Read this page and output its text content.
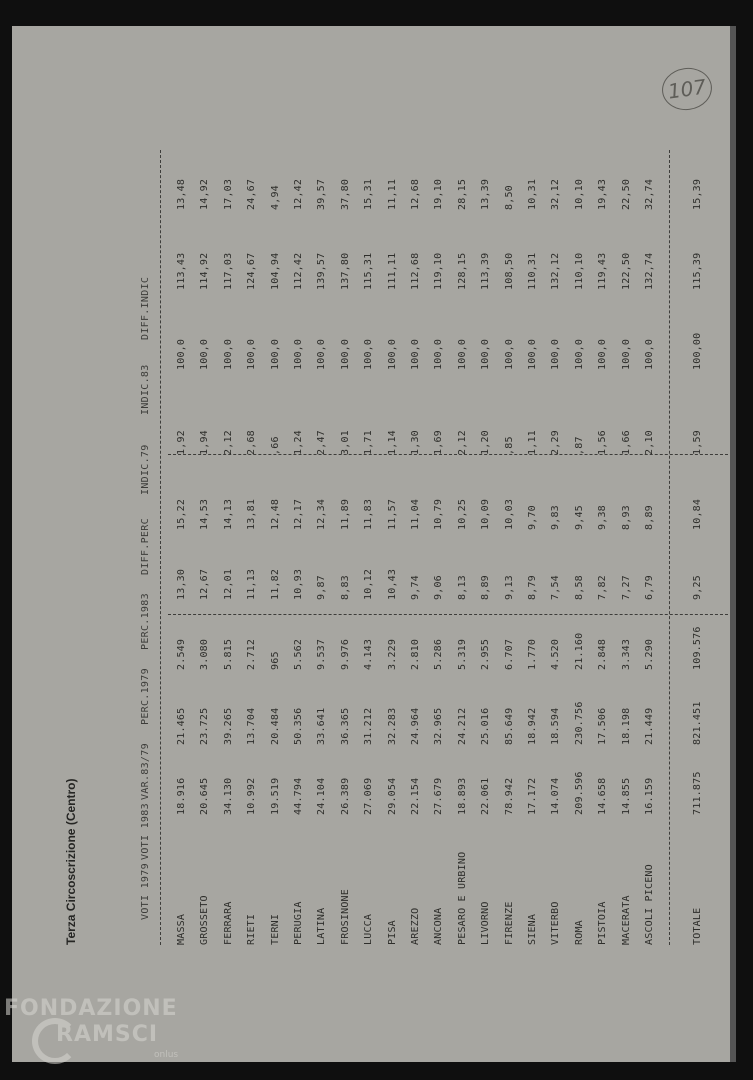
107
Terza Circoscrizione (Centro)	VOTI 1979
VOTI 1983
VAR.83/79
PERC.1979
PERC.1983
DIFF.PERC
INDIC.79
INDIC.83
DIFF.INDIC
MASSA
18.916
21.465
2.549
13,30
15,22
1,92
100,0
113,43
13,48
GROSSETO
20.645
23.725
3.080
12,67
14,53
1,94
100,0
114,92
14,92
FERRARA
34.130
39.265
5.815
12,01
14,13
2,12
100,0
117,03
17,03
RIETI
10.992
13.704
2.712
11,13
13,81
2,68
100,0
124,67
24,67
TERNI
19.519
20.484
965
11,82
12,48
,66
100,0
104,94
4,94
PERUGIA
44.794
50.356
5.562
10,93
12,17
1,24
100,0
112,42
12,42
LATINA
24.104
33.641
9.537
9,87
12,34
2,47
100,0
139,57
39,57
FROSINONE
26.389
36.365
9.976
8,83
11,89
3,01
100,0
137,80
37,80
LUCCA
27.069
31.212
4.143
10,12
11,83
1,71
100,0
115,31
15,31
PISA
29.054
32.283
3.229
10,43
11,57
1,14
100,0
111,11
11,11
AREZZO
22.154
24.964
2.810
9,74
11,04
1,30
100,0
112,68
12,68
ANCONA
27.679
32.965
5.286
9,06
10,79
1,69
100,0
119,10
19,10
PESARO E URBINO
18.893
24.212
5.319
8,13
10,25
2,12
100,0
128,15
28,15
LIVORNO
22.061
25.016
2.955
8,89
10,09
1,20
100,0
113,39
13,39
FIRENZE
78.942
85.649
6.707
9,13
10,03
,85
100,0
108,50
8,50
SIENA
17.172
18.942
1.770
8,79
9,70
1,11
100,0
110,31
10,31
VITERBO
14.074
18.594
4.520
7,54
9,83
2,29
100,0
132,12
32,12
ROMA
209.596
230.756
21.160
8,58
9,45
,87
100,0
110,10
10,10
PISTOIA
14.658
17.506
2.848
7,82
9,38
1,56
100,0
119,43
19,43
MACERATA
14.855
18.198
3.343
7,27
8,93
1,66
100,0
122,50
22,50
ASCOLI PICENO
16.159
21.449
5.290
6,79
8,89
2,10
100,0
132,74
32,74
TOTALE
711.875
821.451
109.576
9,25
10,84
1,59
100,00
115,39
15,39
FONDAZIONE
RAMSCI
onlus
